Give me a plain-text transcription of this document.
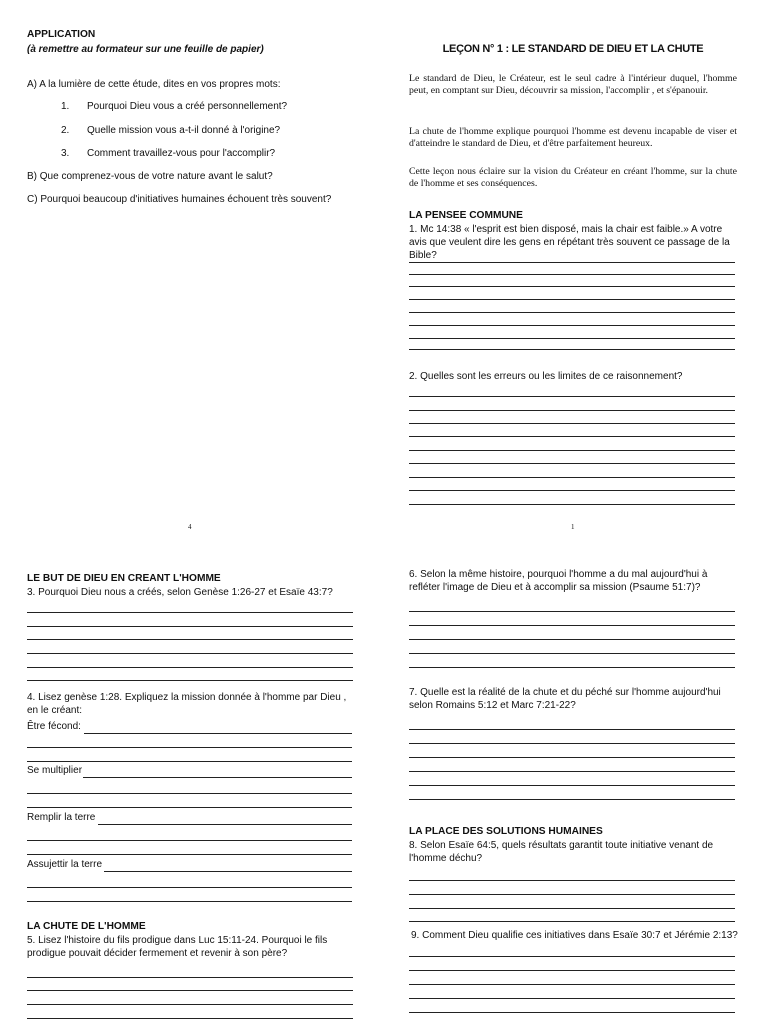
APPLICATION
(à remettre au formateur sur une feuille de papier)
A) A la lumière de cette étude, dites en vos propres mots:
1. Pourquoi Dieu vous a créé personnellement?
2. Quelle mission vous a-t-il donné à l'origine?
3. Comment travaillez-vous pour l'accomplir?
B) Que comprenez-vous de votre nature avant le salut?
C) Pourquoi beaucoup d'initiatives humaines échouent très souvent?
4
LEÇON N° 1 : LE STANDARD DE DIEU ET LA CHUTE
Le standard de Dieu, le Créateur, est le seul cadre à l'intérieur duquel, l'homme peut, en comptant sur Dieu, découvrir sa mission, l'accomplir , et s'épanouir.
La chute de l'homme explique pourquoi l'homme est devenu incapable de viser et d'atteindre le standard de Dieu, et d'être parfaitement heureux.
Cette leçon nous éclaire sur la vision du Créateur en créant l'homme, sur la chute de l'homme et ses conséquences.
LA PENSEE COMMUNE
1. Mc 14:38 « l'esprit est bien disposé, mais la chair est faible.» A votre avis que veulent dire les gens en répétant très souvent ce passage de la Bible?
2. Quelles sont les erreurs ou les limites de ce raisonnement?
1
LE BUT DE DIEU EN CREANT L'HOMME
3. Pourquoi Dieu nous a créés, selon Genèse 1:26-27 et Esaïe 43:7?
4. Lisez genèse 1:28. Expliquez la mission donnée à l'homme par Dieu , en le créant:
Être fécond:
Se multiplier
Remplir la terre
Assujettir la terre
LA CHUTE DE L'HOMME
5. Lisez l'histoire du fils prodigue dans Luc 15:11-24. Pourquoi le fils prodigue pouvait décider fermement et revenir à son père?
6. Selon la même histoire, pourquoi l'homme a du mal aujourd'hui à refléter l'image de Dieu et à accomplir sa mission (Psaume 51:7)?
7. Quelle est la réalité de la chute et du péché sur l'homme aujourd'hui selon Romains 5:12 et Marc 7:21-22?
LA PLACE DES SOLUTIONS HUMAINES
8. Selon Esaïe 64:5, quels résultats garantit toute initiative venant de l'homme déchu?
9. Comment Dieu qualifie ces initiatives dans Esaïe 30:7 et Jérémie 2:13?
